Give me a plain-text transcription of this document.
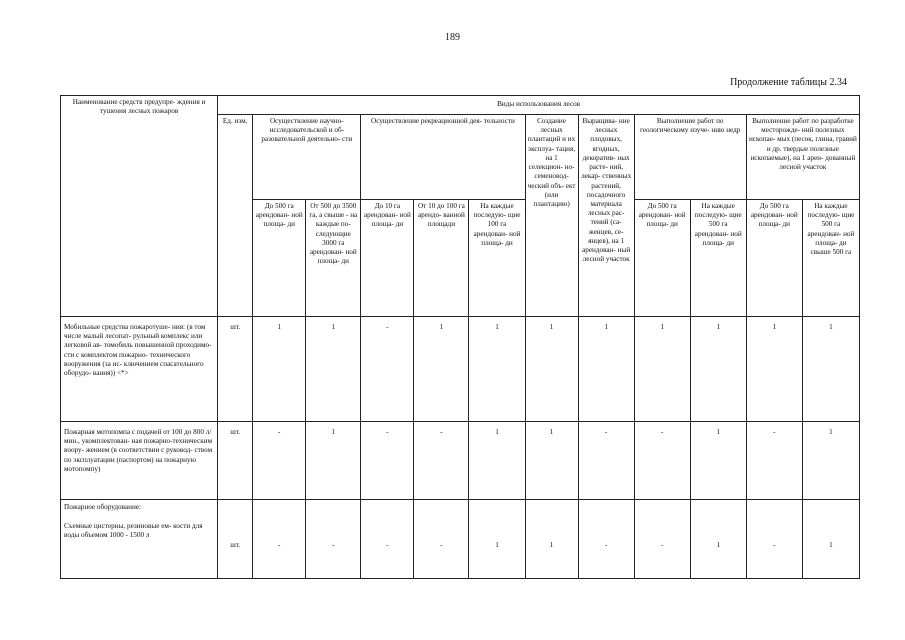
189
Продолжение таблицы 2.34
Наименование средств предупре- ждения и тушения лесных пожаров	Виды использования лесов											
	Ед. изм.	Осуществление научно- исследовательской и об- разовательной деятельно- сти		Осуществление рекреационной дея- тельности			Создание лесных плантаций и их эксплуа- тация, на 1 селекцион- но- семеновод- ческий объ- ект (или плантацию)	Выращива- ние лесных плодовых, ягодных, декоратив- ных расте- ний, лекар- ственных растений, посадочного материала лесных рас- тений (са- женцев, се- янцев), на 1 арендован- ный лесной участок	Выполнение работ по геологическому изуче- нию недр		Выполнение работ по разработке месторожде- ний полезных ископае- мых (песок, глина, гравий и др. твердые полезные ископаемые), на 1 арен- дованный лесной участок	
		До 500 га арендован- ной площа- ди	От 500 до 3500 га, а свыше - на каждые по- следующие 3000 га арендован- ной площа- ди	До 10 га арендован- ной площа- ди	От 10 до 100 га арендо- ванной площади	На каждые последую- щие 100 га арендован- ной площа- ди			До 500 га арендован- ной площа- ди	На каждые последую- щие 500 га арендован- ной площа- ди	До 500 га арендован- ной площа- ди	На каждые последую- щие 500 га арендован- ной площа- ди свыше 500 га
Мобильные средства пожаротуше- ния: (в том числе малый лесопат- рульный комплекс или легковой ав- томобиль повышенной проходимо- сти с комплектом пожарно- технического вооружения (за ис- ключением спасательного оборудо- вания)) <*>	шт.	1	1	-	1	1	1	1	1	1	1	1
Пожарная мотопомпа с подачей от 100 до 800 л/мин., укомплектован- ная пожарно-техническим воору- жением (в соответствии с руковод- ством по эксплуатации (паспортом) на пожарную мотопомпу)	шт.	-	1	-	-	1	1	-	-	1	-	1

Пожарное оборудование:
Съемные цистерны, резиновые ем- кости для воды объемом 1000 - 1500 л	шт.	-	-	-	-	1	1	-	-	1	-	1
